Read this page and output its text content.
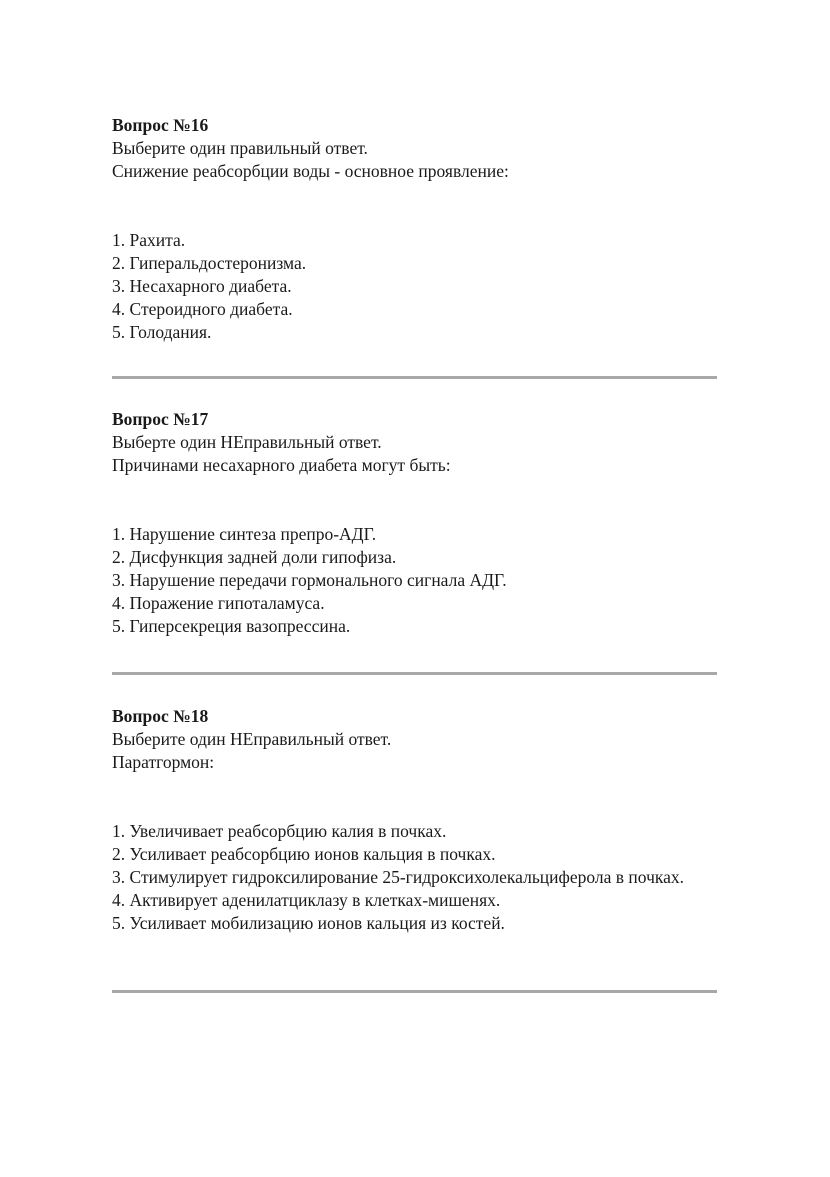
Вопрос №16

Выберите один правильный ответ.

Снижение реабсорбции воды - основное проявление:

1. Рахита.
2. Гиперальдостеронизма.
3. Несахарного диабета.
4. Стероидного диабета.
5. Голодания.

Вопрос №17

Выберте один НЕправильный ответ.

Причинами несахарного диабета могут быть:

1. Нарушение синтеза препро-АДГ.
2. Дисфункция задней доли гипофиза.
3. Нарушение передачи гормонального сигнала АДГ.
4. Поражение гипоталамуса.
5. Гиперсекреция вазопрессина.

Вопрос №18

Выберите один НЕправильный ответ.

Паратгормон:

1. Увеличивает реабсорбцию калия в почках.
2. Усиливает реабсорбцию ионов кальция в почках.
3. Стимулирует гидроксилирование 25-гидроксихолекальциферола в почках.
4. Активирует аденилатциклазу в клетках-мишенях.
5. Усиливает мобилизацию ионов кальция из костей.
